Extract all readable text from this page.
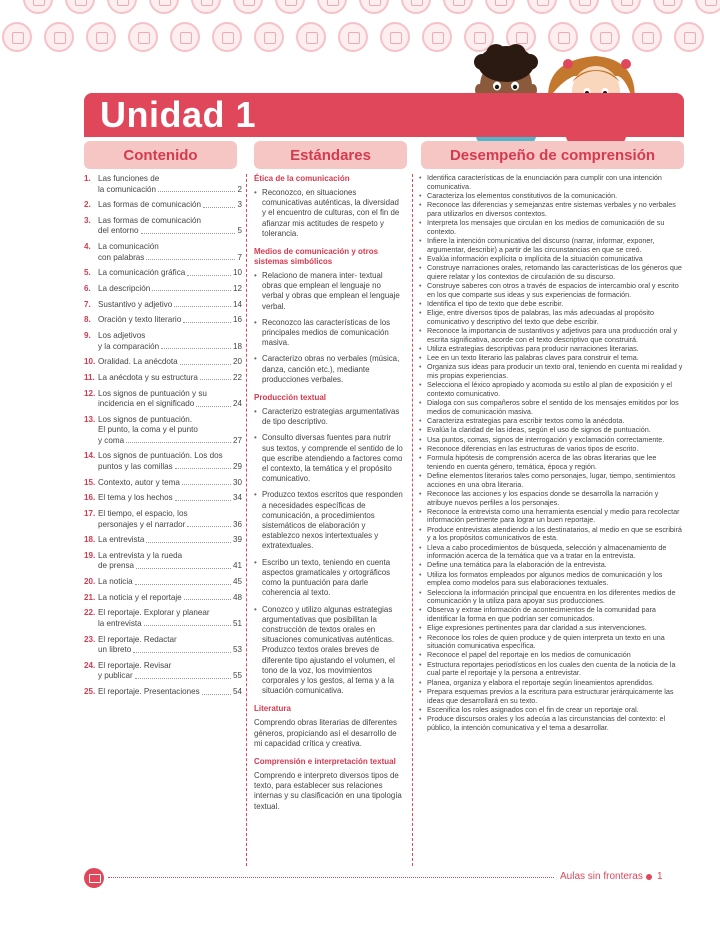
Unidad 1
Contenido	Estándares	Desempeño de comprensión
1. Las funciones de
la comunicación	2
2. Las formas de comunicación	3
3. Las formas de comunicación
del entorno	5
4. La comunicación
con palabras	7
5. La comunicación gráfica	10
6. La descripción	12
7. Sustantivo y adjetivo	14
8. Oración y texto literario	16
9. Los adjetivos
y la comparación	18
10. Oralidad. La anécdota	20
11. La anécdota y su estructura	22
12. Los signos de puntuación y su
incidencia en el significado	24
13. Los signos de puntuación.
El punto, la coma y el punto
y coma	27
14. Los signos de puntuación. Los dos
puntos y las comillas	29
15. Contexto, autor y tema	30
16. El tema y los hechos	34
17. El tiempo, el espacio, los
personajes y el narrador	36
18. La entrevista	39
19. La entrevista y la rueda
de prensa	41
20. La noticia	45
21. La noticia y el reportaje	48
22. El reportaje. Explorar y planear
la entrevista	51
23. El reportaje. Redactar
un libreto	53
24. El reportaje. Revisar
y publicar	55
25. El reportaje. Presentaciones	54
Ética de la comunicación
• Reconozco, en situaciones comunicativas auténticas, la diversidad y el encuentro de culturas, con el fin de afianzar mis actitudes de respeto y tolerancia.
Medios de comunicación y otros sistemas simbólicos
• Relaciono de manera inter- textual obras que emplean el lenguaje no verbal y obras que emplean el lenguaje verbal.
• Reconozco las características de los principales medios de comunicación masiva.
• Caracterizo obras no verbales (música, danza, canción etc.), mediante producciones verbales.
Producción textual
• Caracterizo estrategias argumentativas de tipo descriptivo.
• Consulto diversas fuentes para nutrir sus textos, y comprende el sentido de lo que escribe atendiendo a factores como el contexto, la temática y el propósito comunicativo.
• Produzco textos escritos que responden a necesidades específicas de comunicación, a procedimientos sistemáticos de elaboración y establezco nexos intertextuales y extratextuales.
• Escribo un texto, teniendo en cuenta aspectos gramaticales y ortográficos como la puntuación para darle coherencia al texto.
• Conozco y utilizo algunas estrategias argumentativas que posibilitan la construcción de textos orales en situaciones comunicativas auténticas. Produzco textos orales breves de diferente tipo ajustando el volumen, el tono de la voz, los movimientos corporales y los gestos, al tema y a la situación comunicativa.
Literatura
Comprendo obras literarias de diferentes géneros, propiciando así el desarrollo de mi capacidad crítica y creativa.
Comprensión e interpretación textual
Comprendo e interpreto diversos tipos de texto, para establecer sus relaciones internas y su clasificación en una tipología textual.
• Identifica características de la enunciación para cumplir con una intención comunicativa.
• Caracteriza los elementos constitutivos de la comunicación.
• Reconoce las diferencias y semejanzas entre sistemas verbales y no verbales para utilizarlos en diversos contextos.
• Interpreta los mensajes que circulan en los medios de comunicación de su contexto.
• Infiere la intención comunicativa del discurso (narrar, informar, exponer, argumentar, describir) a partir de las circunstancias en que se creó.
• Evalúa información explícita o implícita de la situación comunicativa
• Construye narraciones orales, retomando las características de los géneros que quiere relatar y los contextos de circulación de su discurso.
• Construye saberes con otros a través de espacios de intercambio oral y escrito en los que comparte sus ideas y sus experiencias de formación.
• Identifica el tipo de texto que debe escribir.
• Elige, entre diversos tipos de palabras, las más adecuadas al propósito comunicativo y descriptivo del texto que debe escribir.
• Reconoce la importancia de sustantivos y adjetivos para una producción oral y escrita significativa, acorde con el texto descriptivo que construirá.
• Utiliza estrategias descriptivas para producir narraciones literarias.
• Lee en un texto literario las palabras claves para construir el tema.
• Organiza sus ideas para producir un texto oral, teniendo en cuenta mi realidad y mis propias experiencias.
• Selecciona el léxico apropiado y acomoda su estilo al plan de exposición y el contexto comunicativo.
• Dialoga con sus compañeros sobre el sentido de los mensajes emitidos por los medios de comunicación masiva.
• Caracteriza estrategias para escribir textos como la anécdota.
• Evalúa la claridad de las ideas, según el uso de signos de puntuación.
• Usa puntos, comas, signos de interrogación y exclamación correctamente.
• Reconoce diferencias en las estructuras de varios tipos de escrito.
• Formula hipótesis de comprensión acerca de las obras literarias que lee teniendo en cuenta género, temática, época y región.
• Define elementos literarios tales como personajes, lugar, tiempo, sentimientos acciones en una obra literaria.
• Reconoce las acciones y los espacios donde se desarrolla la narración y atribuye nuevos perfiles a los personajes.
• Reconoce la entrevista como una herramienta esencial y medio para recolectar información pertinente para lograr un buen reportaje.
• Produce entrevistas atendiendo a los destinatarios, al medio en que se escribirá y a los propósitos comunicativos de esta.
• Lleva a cabo procedimientos de búsqueda, selección y almacenamiento de información acerca de la temática que va a tratar en la entrevista.
• Define una temática para la elaboración de la entrevista.
• Utiliza los formatos empleados por algunos medios de comunicación y los emplea como modelos para sus elaboraciones textuales.
• Selecciona la información principal que encuentra en los diferentes medios de comunicación y la utiliza para apoyar sus producciones.
• Observa y extrae información de acontecimientos de la comunidad para identificar la forma en que podrían ser comunicados.
• Elige expresiones pertinentes para dar claridad a sus intervenciones.
• Reconoce los roles de quien produce y de quien interpreta un texto en una situación comunicativa específica.
• Reconoce el papel del reportaje en los medios de comunicación
• Estructura reportajes periodísticos en los cuales den cuenta de la noticia de la cual parte el reportaje y la persona a entrevistar.
• Planea, organiza y elabora el reportaje según lineamientos aprendidos.
• Prepara esquemas previos a la escritura para estructurar jerárquicamente las ideas que desarrollará en su texto.
• Escenifica los roles asignados con el fin de crear un reportaje oral.
• Produce discursos orales y los adecúa a las circunstancias del contexto: el público, la intención comunicativa y el tema a desarrollar.
Aulas sin fronteras 1
